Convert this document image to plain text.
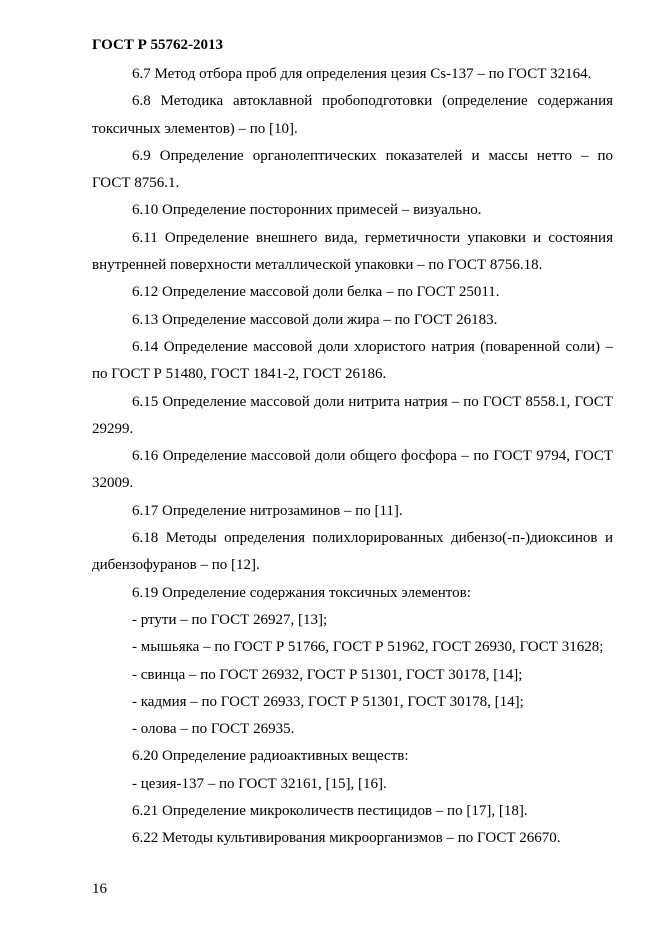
ГОСТ Р 55762-2013

6.7 Метод отбора проб для определения цезия Cs-137 – по ГОСТ 32164.

6.8 Методика автоклавной пробоподготовки (определение содержания токсичных элементов) – по [10].

6.9 Определение органолептических показателей и массы нетто – по ГОСТ 8756.1.

6.10 Определение посторонних примесей – визуально.

6.11 Определение внешнего вида, герметичности упаковки и состояния внутренней поверхности металлической упаковки – по ГОСТ 8756.18.

6.12 Определение массовой доли белка – по ГОСТ 25011.

6.13 Определение массовой доли жира – по ГОСТ 26183.

6.14 Определение массовой доли хлористого натрия (поваренной соли) – по ГОСТ Р 51480, ГОСТ 1841-2, ГОСТ 26186.

6.15 Определение массовой доли нитрита натрия – по ГОСТ 8558.1, ГОСТ 29299.

6.16 Определение массовой доли общего фосфора – по ГОСТ 9794, ГОСТ 32009.

6.17 Определение нитрозаминов – по [11].

6.18 Методы определения полихлорированных дибензо(-п-)диоксинов и дибензофуранов – по [12].

6.19 Определение содержания токсичных элементов:

- ртути – по ГОСТ 26927, [13];

- мышьяка – по ГОСТ Р 51766, ГОСТ Р 51962, ГОСТ 26930, ГОСТ 31628;

- свинца – по ГОСТ 26932, ГОСТ Р 51301, ГОСТ 30178, [14];

- кадмия – по ГОСТ 26933, ГОСТ Р 51301, ГОСТ 30178, [14];

- олова – по ГОСТ 26935.

6.20 Определение радиоактивных веществ:

- цезия-137 – по ГОСТ 32161, [15], [16].

6.21 Определение микроколичеств пестицидов – по [17], [18].

6.22 Методы культивирования микроорганизмов – по ГОСТ 26670.

16
